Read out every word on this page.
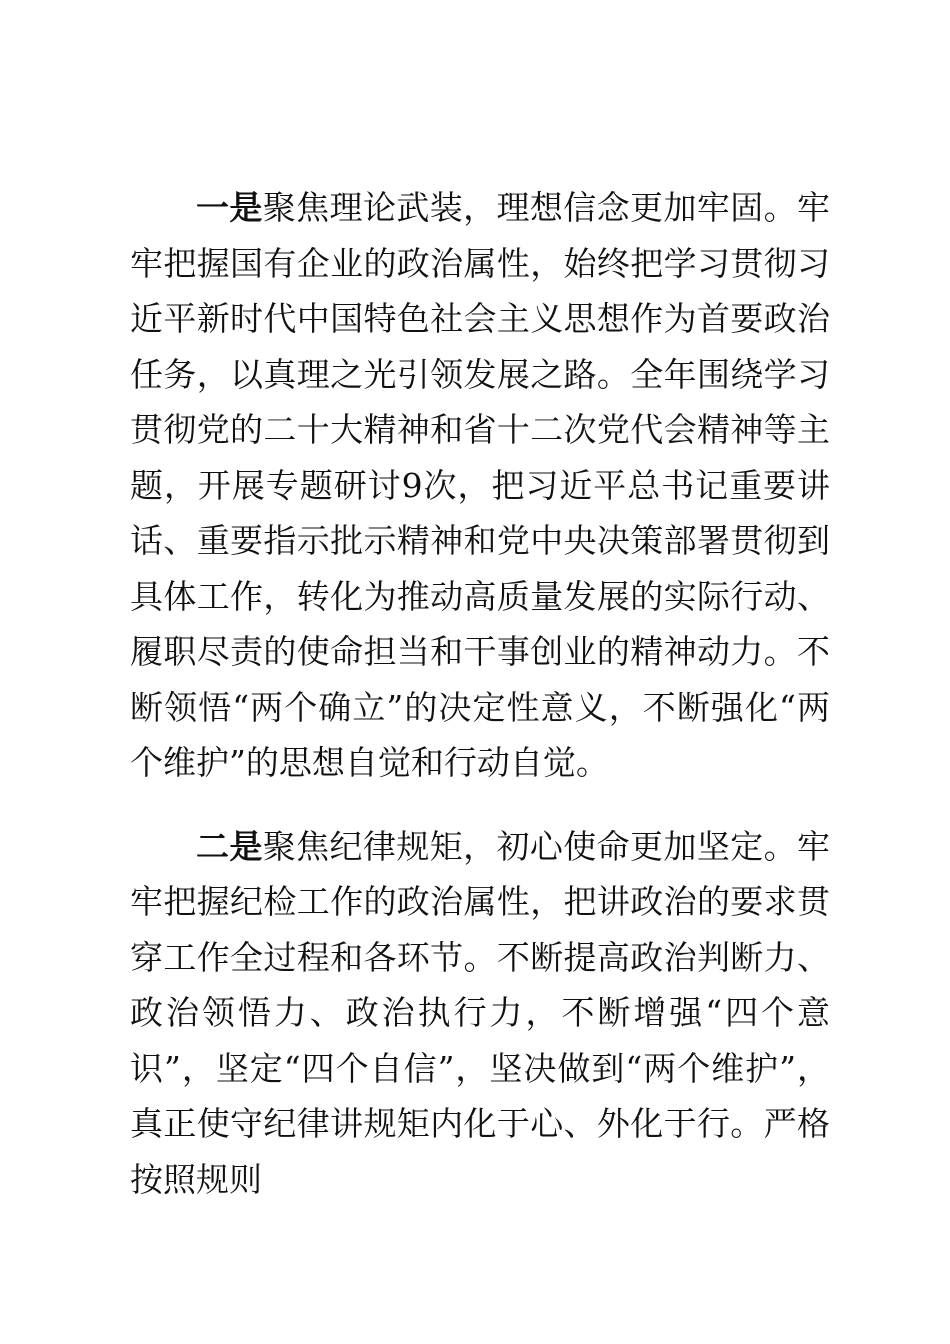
一是聚焦理论武装，理想信念更加牢固。牢牢把握国有企业的政治属性，始终把学习贯彻习近平新时代中国特色社会主义思想作为首要政治任务，以真理之光引领发展之路。全年围绕学习贯彻党的二十大精神和省十二次党代会精神等主题，开展专题研讨9次，把习近平总书记重要讲话、重要指示批示精神和党中央决策部署贯彻到具体工作，转化为推动高质量发展的实际行动、履职尽责的使命担当和干事创业的精神动力。不断领悟“两个确立”的决定性意义，不断强化“两个维护”的思想自觉和行动自觉。

二是聚焦纪律规矩，初心使命更加坚定。牢牢把握纪检工作的政治属性，把讲政治的要求贯穿工作全过程和各环节。不断提高政治判断力、政治领悟力、政治执行力，不断增强“四个意识”，坚定“四个自信”，坚决做到“两个维护”，真正使守纪律讲规矩内化于心、外化于行。严格按照规则
